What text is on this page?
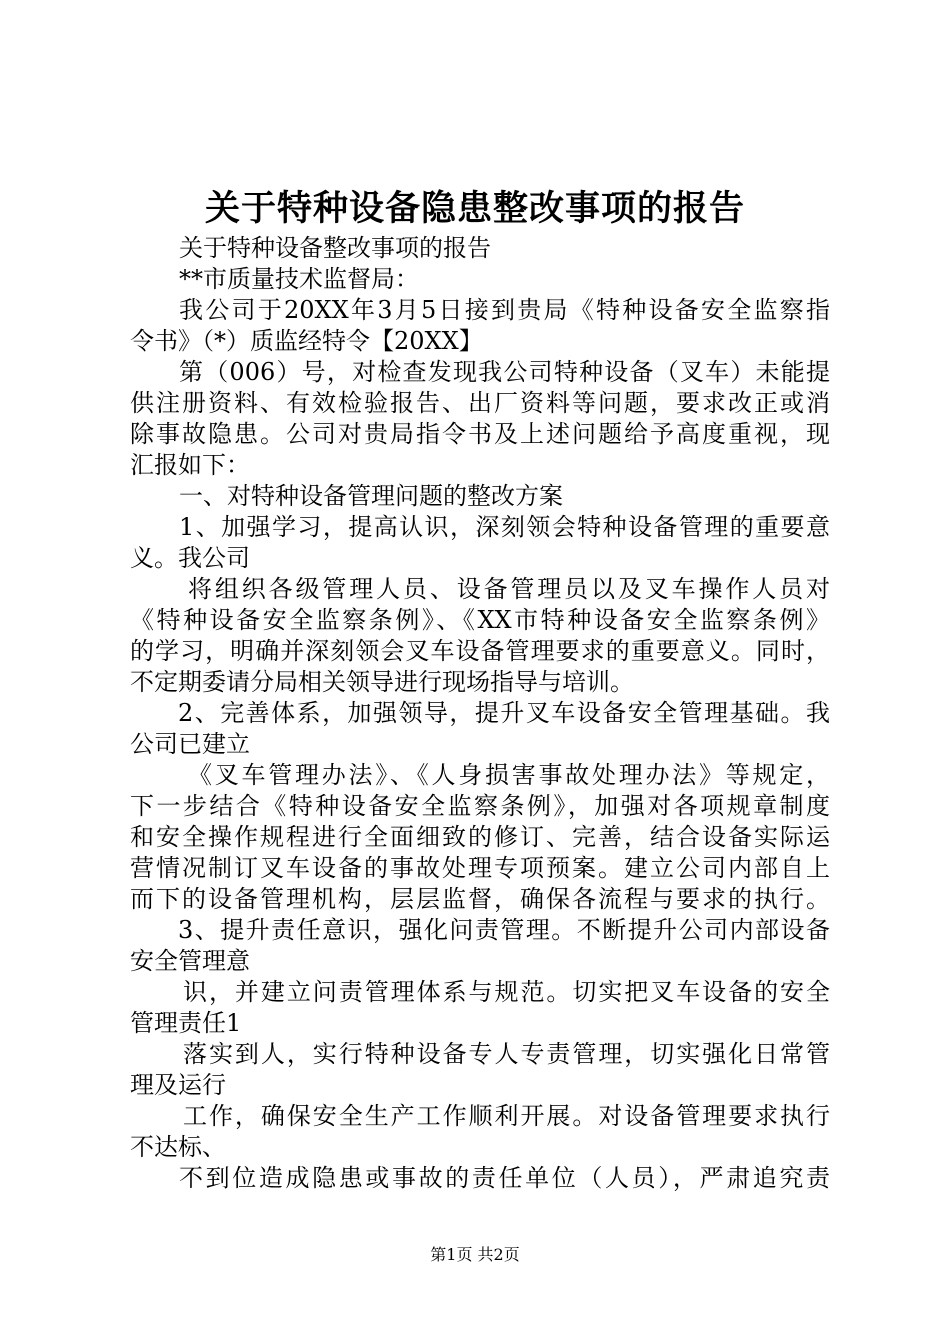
关于特种设备隐患整改事项的报告
关于特种设备整改事项的报告
**市质量技术监督局：
我公司于20XX年3月5日接到贵局《特种设备安全监察指
令书》（*）质监经特令【20XX】
第（006）号，对检查发现我公司特种设备（叉车）未能提
供注册资料、有效检验报告、出厂资料等问题，要求改正或消
除事故隐患。公司对贵局指令书及上述问题给予高度重视，现
汇报如下：
一、对特种设备管理问题的整改方案
1、加强学习，提高认识，深刻领会特种设备管理的重要意
义。我公司
将组织各级管理人员、设备管理员以及叉车操作人员对
《特种设备安全监察条例》、《XX市特种设备安全监察条例》
的学习，明确并深刻领会叉车设备管理要求的重要意义。同时，
不定期委请分局相关领导进行现场指导与培训。
2、完善体系，加强领导，提升叉车设备安全管理基础。我
公司已建立
《叉车管理办法》、《人身损害事故处理办法》等规定，
下一步结合《特种设备安全监察条例》，加强对各项规章制度
和安全操作规程进行全面细致的修订、完善，结合设备实际运
营情况制订叉车设备的事故处理专项预案。建立公司内部自上
而下的设备管理机构，层层监督，确保各流程与要求的执行。
3、提升责任意识，强化问责管理。不断提升公司内部设备
安全管理意
识，并建立问责管理体系与规范。切实把叉车设备的安全
管理责任1
落实到人，实行特种设备专人专责管理，切实强化日常管
理及运行
工作，确保安全生产工作顺利开展。对设备管理要求执行
不达标、
不到位造成隐患或事故的责任单位（人员），严肃追究责
第1页 共2页
